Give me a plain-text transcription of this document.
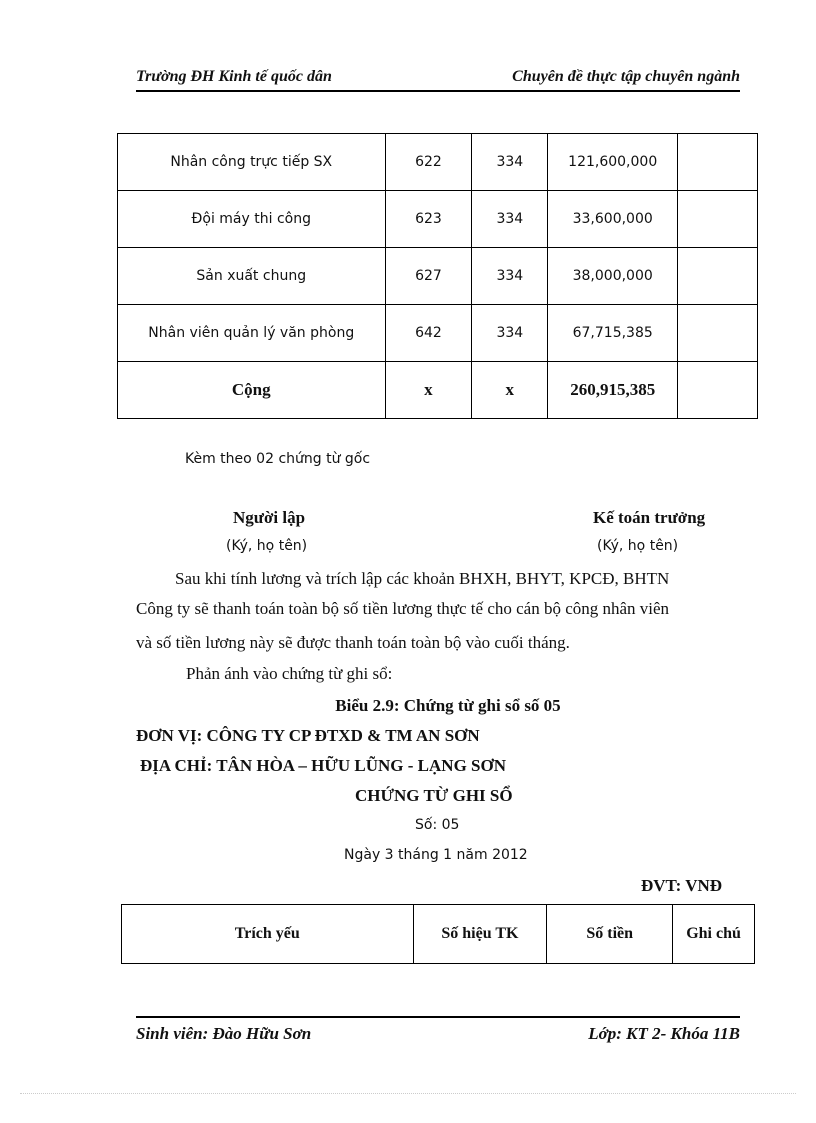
Trường ĐH Kinh tế quốc dân	Chuyên đề thực tập chuyên ngành
Nhân công trực tiếp SX	622	334	121,600,000	
Đội máy thi công	623	334	33,600,000	
Sản xuất chung	627	334	38,000,000	
Nhân viên quản lý văn phòng	642	334	67,715,385	
Cộng	x	x	260,915,385	
Kèm theo 02 chứng từ gốc
Người lập
(Ký, họ tên)
Kế toán trưởng
(Ký, họ tên)
Sau khi tính lương và trích lập các khoản BHXH, BHYT, KPCĐ, BHTN
Công ty sẽ thanh toán toàn bộ số tiền lương thực tế cho cán bộ công nhân viên
và số tiền lương này sẽ được thanh toán toàn bộ vào cuối tháng.
Phản ánh vào chứng từ ghi sổ:
Biểu 2.9: Chứng từ ghi sổ số 05
ĐƠN VỊ: CÔNG TY CP ĐTXD & TM AN SƠN
ĐỊA CHỈ: TÂN HÒA – HỮU LŨNG - LẠNG SƠN
CHỨNG TỪ GHI SỔ
Số: 05
Ngày 3 tháng 1 năm 2012
ĐVT: VNĐ
Trích yếu	Số hiệu TK	Số tiền	Ghi chú
Sinh viên: Đào Hữu Sơn	Lớp: KT 2- Khóa 11B
